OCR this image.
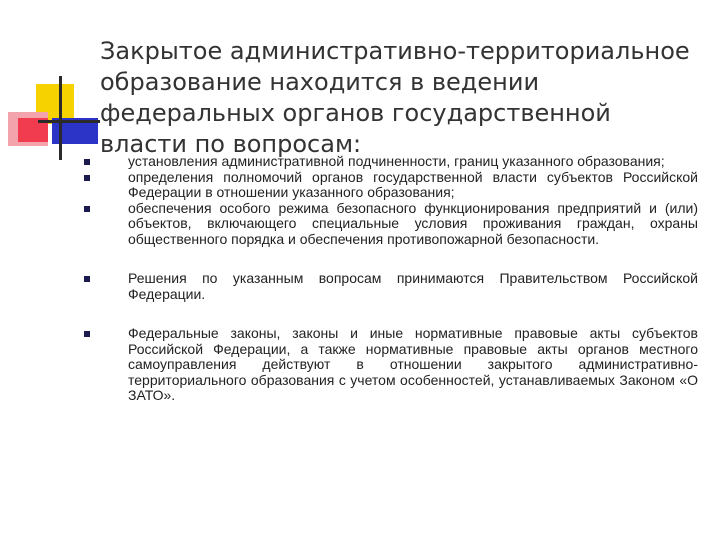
Закрытое административно-территориальное образование находится в ведении федеральных органов государственной власти по вопросам:
установления административной подчиненности, границ указанного образования;
определения полномочий органов государственной власти субъектов Российской Федерации в отношении указанного образования;
обеспечения особого режима безопасного функционирования предприятий и (или) объектов, включающего специальные условия проживания граждан, охраны общественного порядка и обеспечения противопожарной безопасности.
Решения по указанным вопросам принимаются Правительством Российской Федерации.
Федеральные законы, законы и иные нормативные правовые акты субъектов Российской Федерации, а также нормативные правовые акты органов местного самоуправления действуют в отношении закрытого административно-территориального образования с учетом особенностей, устанавливаемых Законом «О ЗАТО».
